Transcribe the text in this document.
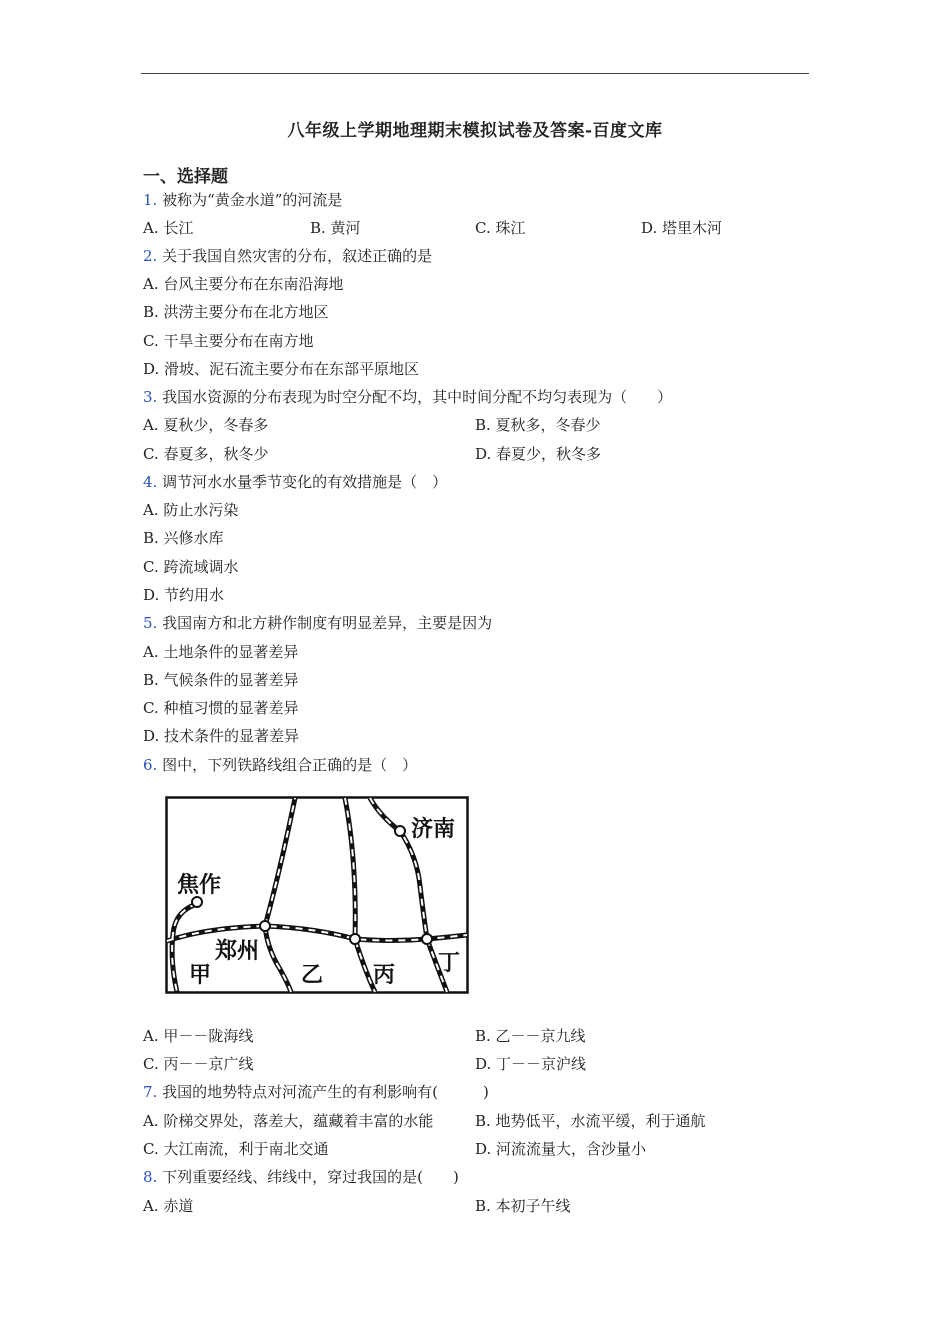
八年级上学期地理期末模拟试卷及答案-百度文库
一、选择题
1. 被称为“黄金水道”的河流是
A. 长江	B. 黄河	C. 珠江	D. 塔里木河
2. 关于我国自然灾害的分布，叙述正确的是
A. 台风主要分布在东南沿海地
B. 洪涝主要分布在北方地区
C. 干旱主要分布在南方地
D. 滑坡、泥石流主要分布在东部平原地区
3. 我国水资源的分布表现为时空分配不均，其中时间分配不均匀表现为（　　）
A. 夏秋少，冬春多	B. 夏秋多，冬春少
C. 春夏多，秋冬少	D. 春夏少，秋冬多
4. 调节河水水量季节变化的有效措施是（　）
A. 防止水污染
B. 兴修水库
C. 跨流域调水
D. 节约用水
5. 我国南方和北方耕作制度有明显差异，主要是因为
A. 土地条件的显著差异
B. 气候条件的显著差异
C. 种植习惯的显著差异
D. 技术条件的显著差异
6. 图中，下列铁路线组合正确的是（　）
济南
焦作
郑州
甲	乙 丙 丁
A. 甲－－陇海线	B. 乙－－京九线
C. 丙－－京广线	D. 丁－－京沪线
7. 我国的地势特点对河流产生的有利影响有(　　　)
A. 阶梯交界处，落差大，蕴藏着丰富的水能	B. 地势低平，水流平缓，利于通航
C. 大江南流，利于南北交通	D. 河流流量大，含沙量小
8. 下列重要经线、纬线中，穿过我国的是(　　)
A. 赤道	B. 本初子午线
